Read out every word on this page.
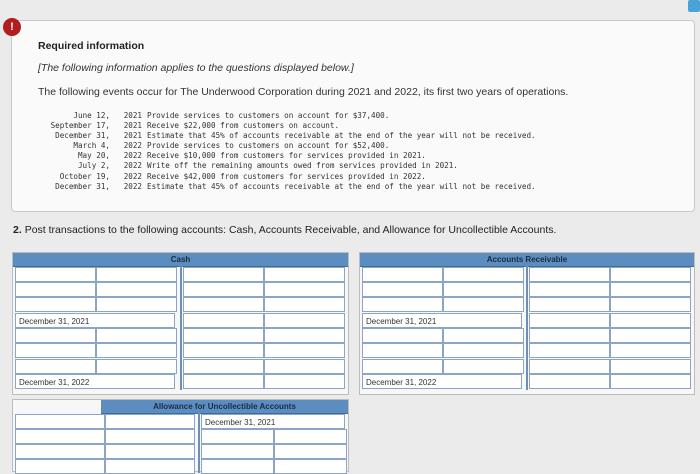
!
Required information
[The following information applies to the questions displayed below.]
The following events occur for The Underwood Corporation during 2021 and 2022, its first two years of operations.
June 12,	2021 Provide services to customers on account for $37,400.
September 17,	2021 Receive $22,000 from customers on account.
December 31,	2021 Estimate that 45% of accounts receivable at the end of the year will not be received.
March 4,	2022 Provide services to customers on account for $52,400.
May 20,	2022 Receive $10,000 from customers for services provided in 2021.
July 2,	2022 Write off the remaining amounts owed from services provided in 2021.
October 19,	2022 Receive $42,000 from customers for services provided in 2022.
December 31,	2022 Estimate that 45% of accounts receivable at the end of the year will not be received.
2. Post transactions to the following accounts: Cash, Accounts Receivable, and Allowance for Uncollectible Accounts.
Cash
December 31, 2021
December 31, 2022
Accounts Receivable
December 31, 2021
December 31, 2022
Allowance for Uncollectible Accounts
December 31, 2021
